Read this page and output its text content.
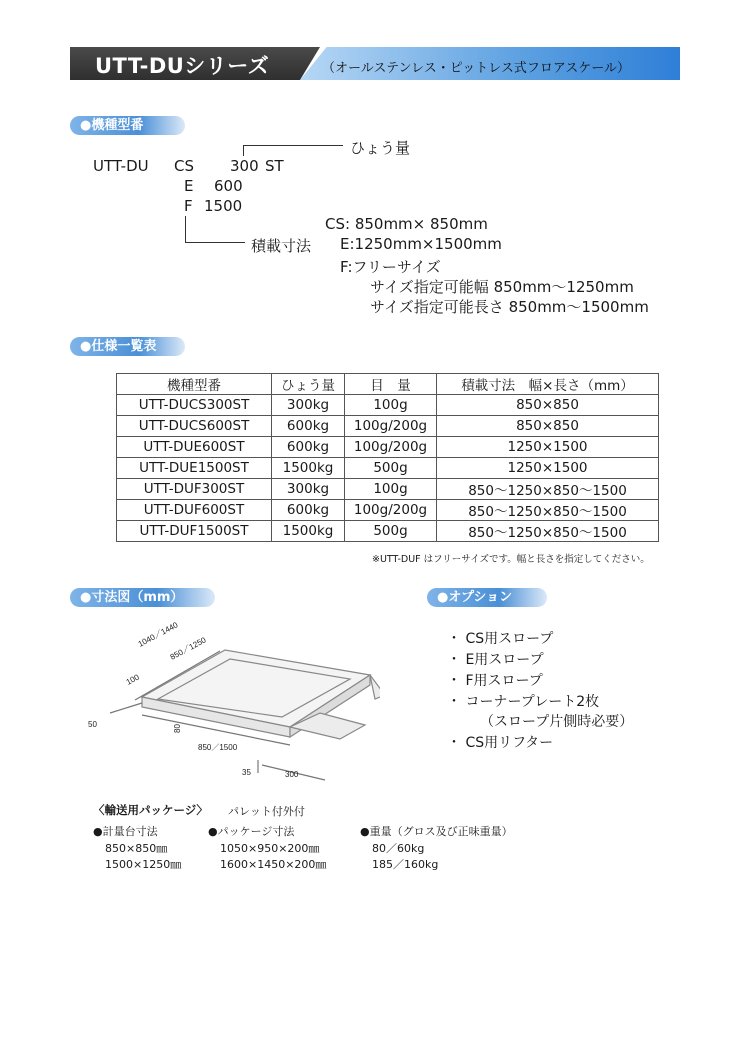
UTT-DUシリーズ	（オールステンレス・ピットレス式フロアスケール）
●機種型番
UTT-DU CS 300 ST
E 600
F 1500
ひょう量
積載寸法
CS: 850mm× 850mm
E:1250mm×1500mm
F:フリーサイズ
サイズ指定可能幅 850mm～1250mm
サイズ指定可能長さ 850mm～1500mm
●仕様一覧表
機種型番	ひょう量	目　量	積載寸法　幅×長さ（mm）
UTT-DUCS300ST	300kg	100g	850×850
UTT-DUCS600ST	600kg	100g/200g	850×850
UTT-DUE600ST	600kg	100g/200g	1250×1500
UTT-DUE1500ST	1500kg	500g	1250×1500
UTT-DUF300ST	300kg	100g	850～1250×850～1500
UTT-DUF600ST	600kg	100g/200g	850～1250×850～1500
UTT-DUF1500ST	1500kg	500g	850～1250×850～1500
※UTT-DUF はフリーサイズです。幅と長さを指定してください。
●寸法図（mm）
1040／1440
850／1250
100
80
850／1500
50
35	300
●オプション
・ CS用スロープ
・ E用スロープ
・ F用スロープ
・ コーナープレート2枚
（スロープ片側時必要）
・ CS用リフター
〈輸送用パッケージ〉 パレット付外付
●計量台寸法
850×850㎜
1500×1250㎜
●パッケージ寸法
1050×950×200㎜
1600×1450×200㎜
●重量（グロス及び正味重量）
80／60kg
185／160kg
